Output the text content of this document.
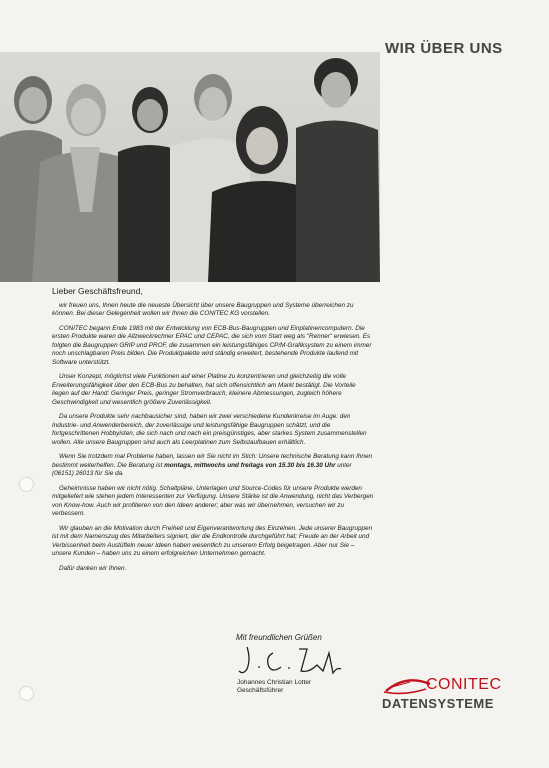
WIR ÜBER UNS
Lieber Geschäftsfreund,

wir freuen uns, Ihnen heute die neueste Übersicht über unsere Baugruppen und Systeme überreichen zu können. Bei dieser Gelegenheit wollen wir Ihnen die CONITEC KG vorstellen.

CONITEC begann Ende 1983 mit der Entwicklung von ECB-Bus-Baugruppen und Einplatinencomputern. Die ersten Produkte waren die Allzweckrechner EPAC und CEPAC, die sich vom Start weg als "Renner" erwiesen. Es folgten die Baugruppen GRIP und PROF, die zusammen ein leistungsfähiges CP/M-Grafiksystem zu einem immer noch unschlagbaren Preis bilden. Die Produktpalette wird ständig erweitert, bestehende Produkte laufend mit Software unterstützt.

Unser Konzept, möglichst viele Funktionen auf einer Platine zu konzentrieren und gleichzeitig die volle Erweiterungsfähigkeit über den ECB-Bus zu behalten, hat sich offensichtlich am Markt bestätigt. Die Vorteile liegen auf der Hand: Geringer Preis, geringer Stromverbrauch, kleinere Abmessungen, zugleich höhere Geschwindigkeit und wesentlich größere Zuverlässigkeit.

Da unsere Produkte sehr nachbausicher sind, haben wir zwei verschiedene Kundenkreise im Auge: den Industrie- und Anwenderbereich, der zuverlässige und leistungsfähige Baugruppen schätzt, und die fortgeschrittenen Hobbyisten, die sich nach und nach ein preisgünstiges, aber starkes System zusammenstellen wollen. Alle unsere Baugruppen sind auch als Leerplatinen zum Selbstaufbauen erhältlich.

Wenn Sie trotzdem mal Probleme haben, lassen wir Sie nicht im Stich: Unsere technische Beratung kann Ihnen bestimmt weiterhelfen. Die Beratung ist montags, mittwochs und freitags von 15.30 bis 16.30 Uhr unter (06151) 26013 für Sie da.

Geheimnisse haben wir nicht nötig. Schaltpläne, Unterlagen und Source-Codes für unsere Produkte werden mitgeliefert wie stehen jedem Interessenten zur Verfügung. Unsere Stärke ist die Anwendung, nicht das Verbergen von Know-how. Auch wir profitieren von den Ideen anderer; aber was wir übernehmen, versuchen wir zu verbessern.

Wir glauben an die Motivation durch Freiheit und Eigenverantwortung des Einzelnen. Jede unserer Baugruppen ist mit dem Namenszug des Mitarbeiters signiert, der die Endkontrolle durchgeführt hat; Freude an der Arbeit und Verbissenheit beim Austüfteln neuer Ideen haben wesentlich zu unserem Erfolg beigetragen. Aber nur Sie – unsere Kunden – haben uns zu einem erfolgreichen Unternehmen gemacht.

Dafür danken wir Ihnen.

Mit freundlichen Grüßen
Johannes Christian Lotter
Geschäftsführer	CONITEC
DATENSYSTEME
